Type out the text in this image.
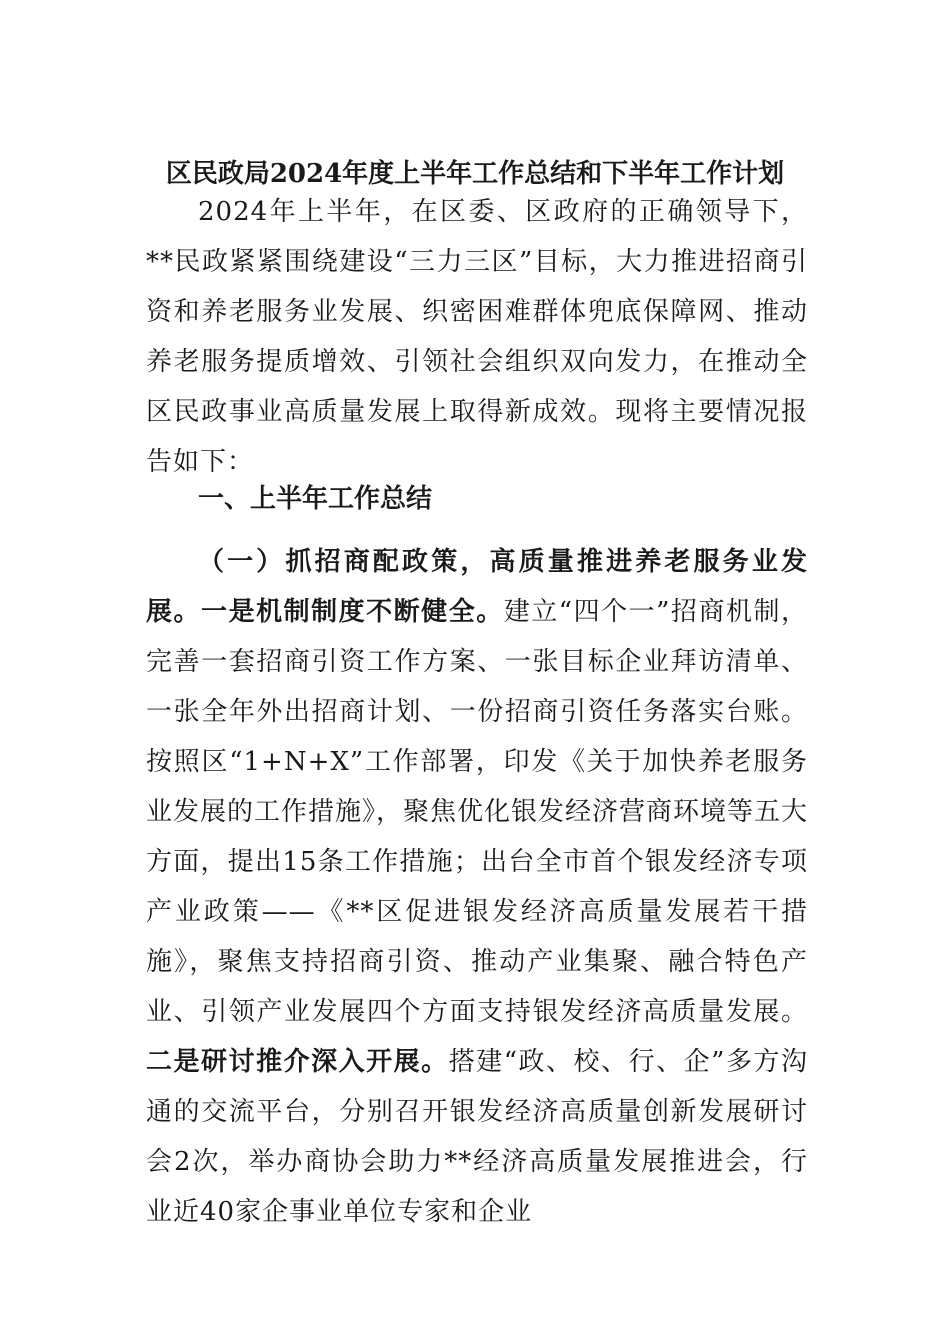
区民政局2024年度上半年工作总结和下半年工作计划

2024年上半年，在区委、区政府的正确领导下，**民政紧紧围绕建设“三力三区”目标，大力推进招商引资和养老服务业发展、织密困难群体兜底保障网、推动养老服务提质增效、引领社会组织双向发力，在推动全区民政事业高质量发展上取得新成效。现将主要情况报告如下：

一、上半年工作总结

（一）抓招商配政策，高质量推进养老服务业发展。一是机制制度不断健全。建立“四个一”招商机制，完善一套招商引资工作方案、一张目标企业拜访清单、一张全年外出招商计划、一份招商引资任务落实台账。按照区“1+N+X”工作部署，印发《关于加快养老服务业发展的工作措施》，聚焦优化银发经济营商环境等五大方面，提出15条工作措施；出台全市首个银发经济专项产业政策——《**区促进银发经济高质量发展若干措施》，聚焦支持招商引资、推动产业集聚、融合特色产业、引领产业发展四个方面支持银发经济高质量发展。二是研讨推介深入开展。搭建“政、校、行、企”多方沟通的交流平台，分别召开银发经济高质量创新发展研讨会2次，举办商协会助力**经济高质量发展推进会，行业近40家企事业单位专家和企业
